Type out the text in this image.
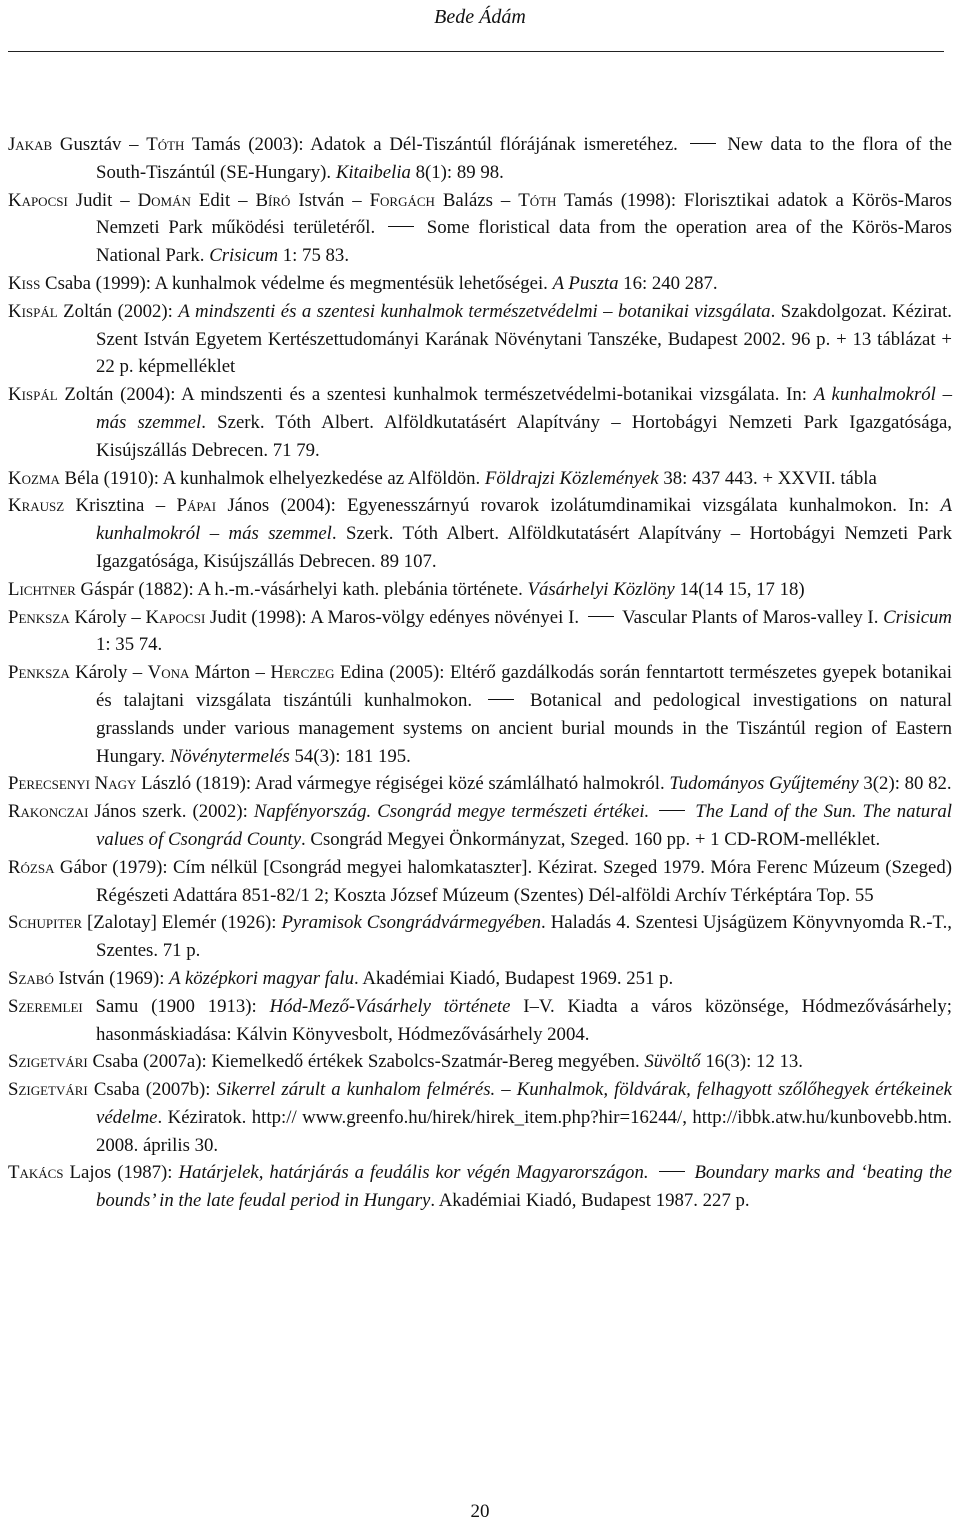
Bede Ádám

Jakab Gusztáv – Tóth Tamás (2003): Adatok a Dél-Tiszántúl flórájának ismeretéhez.  New data to the flora of the South-Tiszántúl (SE-Hungary). Kitaibelia 8(1): 89 98.

Kapocsi Judit – Domán Edit – Bíró István – Forgách Balázs – Tóth Tamás (1998): Florisztikai adatok a Körös-Maros Nemzeti Park működési területéről.  Some floristical data from the operation area of the Körös-Maros National Park. Crisicum 1: 75 83.

Kiss Csaba (1999): A kunhalmok védelme és megmentésük lehetőségei. A Puszta 16: 240 287.

Kispál Zoltán (2002): A mindszenti és a szentesi kunhalmok természetvédelmi – botanikai vizsgálata. Szakdolgozat. Kézirat. Szent István Egyetem Kertészettudományi Karának Növénytani Tanszéke, Budapest 2002. 96 p. + 13 táblázat + 22 p. képmelléklet

Kispál Zoltán (2004): A mindszenti és a szentesi kunhalmok természetvédelmi-botanikai vizsgálata. In: A kunhalmokról – más szemmel. Szerk. Tóth Albert. Alföldkutatásért Alapítvány – Hortobágyi Nemzeti Park Igazgatósága, Kisújszállás Debrecen. 71 79.

Kozma Béla (1910): A kunhalmok elhelyezkedése az Alföldön. Földrajzi Közlemények 38: 437 443. + XXVII. tábla

Krausz Krisztina – Pápai János (2004): Egyenesszárnyú rovarok izolátumdinamikai vizsgálata kunhalmokon. In: A kunhalmokról – más szemmel. Szerk. Tóth Albert. Alföldkutatásért Alapítvány – Hortobágyi Nemzeti Park Igazgatósága, Kisújszállás Debrecen. 89 107.

Lichtner Gáspár (1882): A h.-m.-vásárhelyi kath. plebánia története. Vásárhelyi Közlöny 14(14 15, 17 18)

Penksza Károly – Kapocsi Judit (1998): A Maros-völgy edényes növényei I.  Vascular Plants of Maros-valley I. Crisicum 1: 35 74.

Penksza Károly – Vona Márton – Herczeg Edina (2005): Eltérő gazdálkodás során fenntartott természetes gyepek botanikai és talajtani vizsgálata tiszántúli kunhalmokon.  Botanical and pedological investigations on natural grasslands under various management systems on ancient burial mounds in the Tiszántúl region of Eastern Hungary. Növénytermelés 54(3): 181 195.

Perecsenyi Nagy László (1819): Arad vármegye régiségei közé számlálható halmokról. Tudományos Gyűjtemény 3(2): 80 82.

Rakonczai János szerk. (2002): Napfényország. Csongrád megye természeti értékei.  The Land of the Sun. The natural values of Csongrád County. Csongrád Megyei Önkormányzat, Szeged. 160 pp. + 1 CD-ROM-melléklet.

Rózsa Gábor (1979): Cím nélkül [Csongrád megyei halomkataszter]. Kézirat. Szeged 1979. Móra Ferenc Múzeum (Szeged) Régészeti Adattára 851-82/1 2; Koszta József Múzeum (Szentes) Dél-alföldi Archív Térképtára Top. 55

Schupiter [Zalotay] Elemér (1926): Pyramisok Csongrádvármegyében. Haladás 4. Szentesi Ujságüzem Könyvnyomda R.-T., Szentes. 71 p.

Szabó István (1969): A középkori magyar falu. Akadémiai Kiadó, Budapest 1969. 251 p.

Szeremlei Samu (1900 1913): Hód-Mező-Vásárhely története I–V. Kiadta a város közönsége, Hódmezővásárhely; hasonmáskiadása: Kálvin Könyvesbolt, Hódmezővásárhely 2004.

Szigetvári Csaba (2007a): Kiemelkedő értékek Szabolcs-Szatmár-Bereg megyében. Süvöltő 16(3): 12 13.

Szigetvári Csaba (2007b): Sikerrel zárult a kunhalom felmérés. – Kunhalmok, földvárak, felhagyott szőlőhegyek értékeinek védelme. Kéziratok. http:// www.greenfo.hu/hirek/hirek_item.php?hir=16244/, http://ibbk.atw.hu/kunbovebb.htm. 2008. április 30.

Takács Lajos (1987): Határjelek, határjárás a feudális kor végén Magyarországon.  Boundary marks and ‘beating the bounds’ in the late feudal period in Hungary. Akadémiai Kiadó, Budapest 1987. 227 p.

20
